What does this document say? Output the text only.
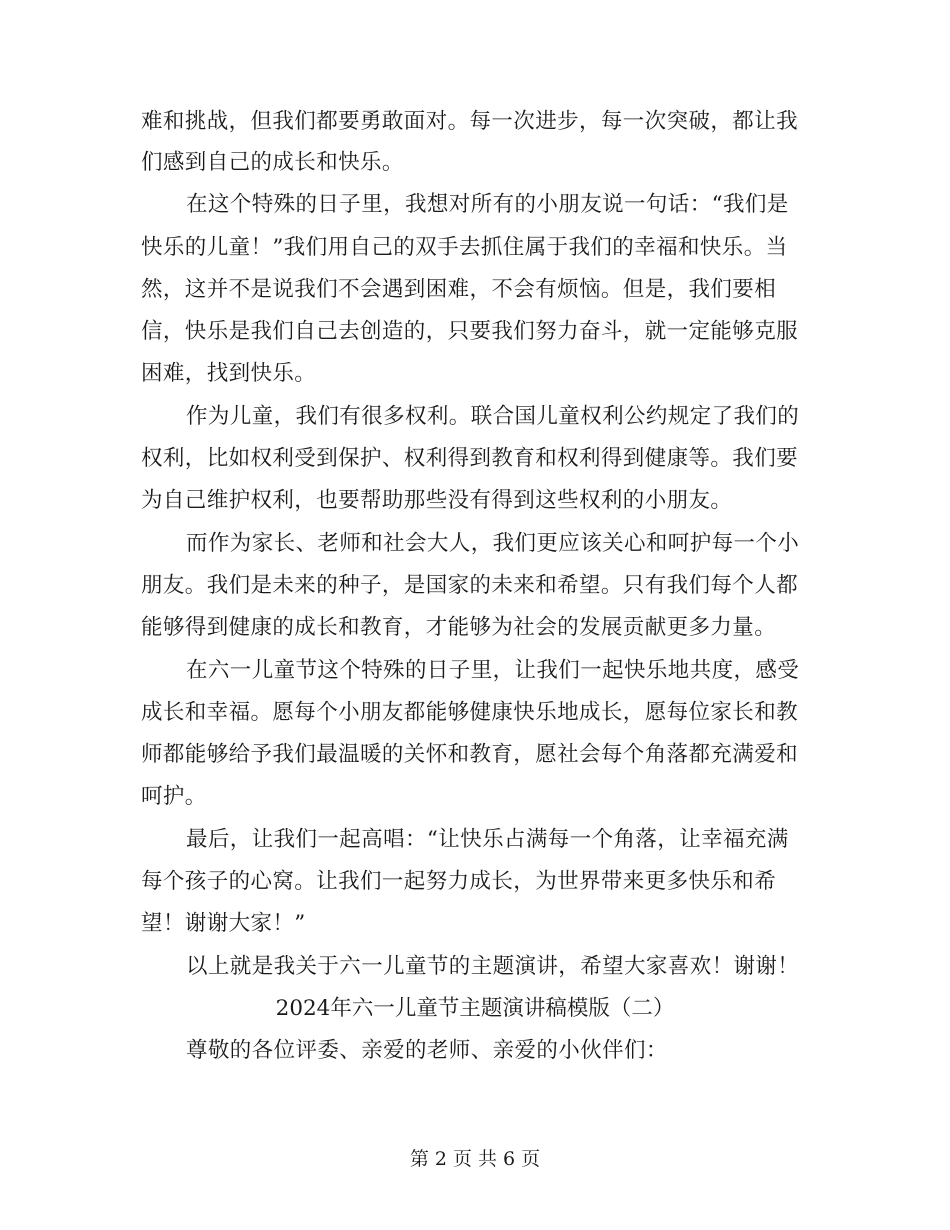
难和挑战，但我们都要勇敢面对。每一次进步，每一次突破，都让我
们感到自己的成长和快乐。
在这个特殊的日子里，我想对所有的小朋友说一句话：“我们是
快乐的儿童！”我们用自己的双手去抓住属于我们的幸福和快乐。当
然，这并不是说我们不会遇到困难，不会有烦恼。但是，我们要相
信，快乐是我们自己去创造的，只要我们努力奋斗，就一定能够克服
困难，找到快乐。
作为儿童，我们有很多权利。联合国儿童权利公约规定了我们的
权利，比如权利受到保护、权利得到教育和权利得到健康等。我们要
为自己维护权利，也要帮助那些没有得到这些权利的小朋友。
而作为家长、老师和社会大人，我们更应该关心和呵护每一个小
朋友。我们是未来的种子，是国家的未来和希望。只有我们每个人都
能够得到健康的成长和教育，才能够为社会的发展贡献更多力量。
在六一儿童节这个特殊的日子里，让我们一起快乐地共度，感受
成长和幸福。愿每个小朋友都能够健康快乐地成长，愿每位家长和教
师都能够给予我们最温暖的关怀和教育，愿社会每个角落都充满爱和
呵护。
最后，让我们一起高唱：“让快乐占满每一个角落，让幸福充满
每个孩子的心窝。让我们一起努力成长，为世界带来更多快乐和希
望！谢谢大家！”
以上就是我关于六一儿童节的主题演讲，希望大家喜欢！谢谢！
2024年六一儿童节主题演讲稿模版（二）
尊敬的各位评委、亲爱的老师、亲爱的小伙伴们：
第 2 页 共 6 页
